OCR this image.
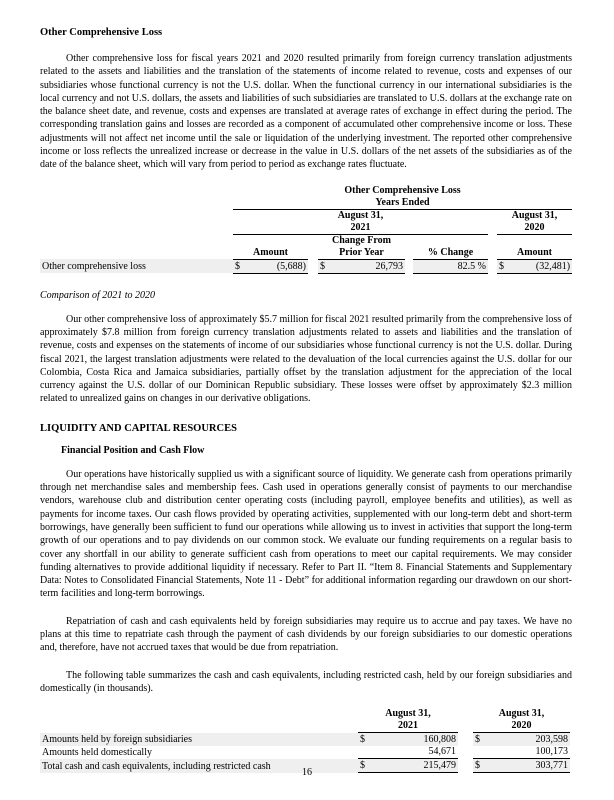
Other Comprehensive Loss

Other comprehensive loss for fiscal years 2021 and 2020 resulted primarily from foreign currency translation adjustments related to the assets and liabilities and the translation of the statements of income related to revenue, costs and expenses of our subsidiaries whose functional currency is not the U.S. dollar. When the functional currency in our international subsidiaries is the local currency and not U.S. dollars, the assets and liabilities of such subsidiaries are translated to U.S. dollars at the exchange rate on the balance sheet date, and revenue, costs and expenses are translated at average rates of exchange in effect during the period. The corresponding translation gains and losses are recorded as a component of accumulated other comprehensive income or loss. These adjustments will not affect net income until the sale or liquidation of the underlying investment. The reported other comprehensive income or loss reflects the unrealized increase or decrease in the value in U.S. dollars of the net assets of the subsidiaries as of the date of the balance sheet, which will vary from period to period as exchange rates fluctuate.

	Other Comprehensive Loss									
	Years Ended									

	August 31,
2021								August 31,
2020	

	Amount			Change From
Prior Year			% Change		Amount	
Other comprehensive loss	$	(5,688)		$	26,793		82.5 %		$	(32,481)

Comparison of 2021 to 2020

Our other comprehensive loss of approximately $5.7 million for fiscal 2021 resulted primarily from the comprehensive loss of approximately $7.8 million from foreign currency translation adjustments related to assets and liabilities and the translation of revenue, costs and expenses on the statements of income of our subsidiaries whose functional currency is not the U.S. dollar. During fiscal 2021, the largest translation adjustments were related to the devaluation of the local currencies against the U.S. dollar for our Colombia, Costa Rica and Jamaica subsidiaries, partially offset by the translation adjustment for the appreciation of the local currency against the U.S. dollar of our Dominican Republic subsidiary. These losses were offset by approximately $2.3 million related to unrealized gains on changes in our derivative obligations.

LIQUIDITY AND CAPITAL RESOURCES
Financial Position and Cash Flow

Our operations have historically supplied us with a significant source of liquidity. We generate cash from operations primarily through net merchandise sales and membership fees. Cash used in operations generally consist of payments to our merchandise vendors, warehouse club and distribution center operating costs (including payroll, employee benefits and utilities), as well as payments for income taxes. Our cash flows provided by operating activities, supplemented with our long-term debt and short-term borrowings, have generally been sufficient to fund our operations while allowing us to invest in activities that support the long-term growth of our operations and to pay dividends on our common stock. We evaluate our funding requirements on a regular basis to cover any shortfall in our ability to generate sufficient cash from operations to meet our capital requirements. We may consider funding alternatives to provide additional liquidity if necessary. Refer to Part II. “Item 8. Financial Statements and Supplementary Data: Notes to Consolidated Financial Statements, Note 11 - Debt” for additional information regarding our drawdown on our short-term facilities and long-term borrowings.

Repatriation of cash and cash equivalents held by foreign subsidiaries may require us to accrue and pay taxes. We have no plans at this time to repatriate cash through the payment of cash dividends by our foreign subsidiaries to our domestic operations and, therefore, have not accrued taxes that would be due from repatriation.

The following table summarizes the cash and cash equivalents, including restricted cash, held by our foreign subsidiaries and domestically (in thousands).

	August 31,
2021			August 31,
2020	

Amounts held by foreign subsidiaries	$	160,808		$	203,598
Amounts held domestically		54,671			100,173
Total cash and cash equivalents, including restricted cash	$	215,479		$	303,771
16
